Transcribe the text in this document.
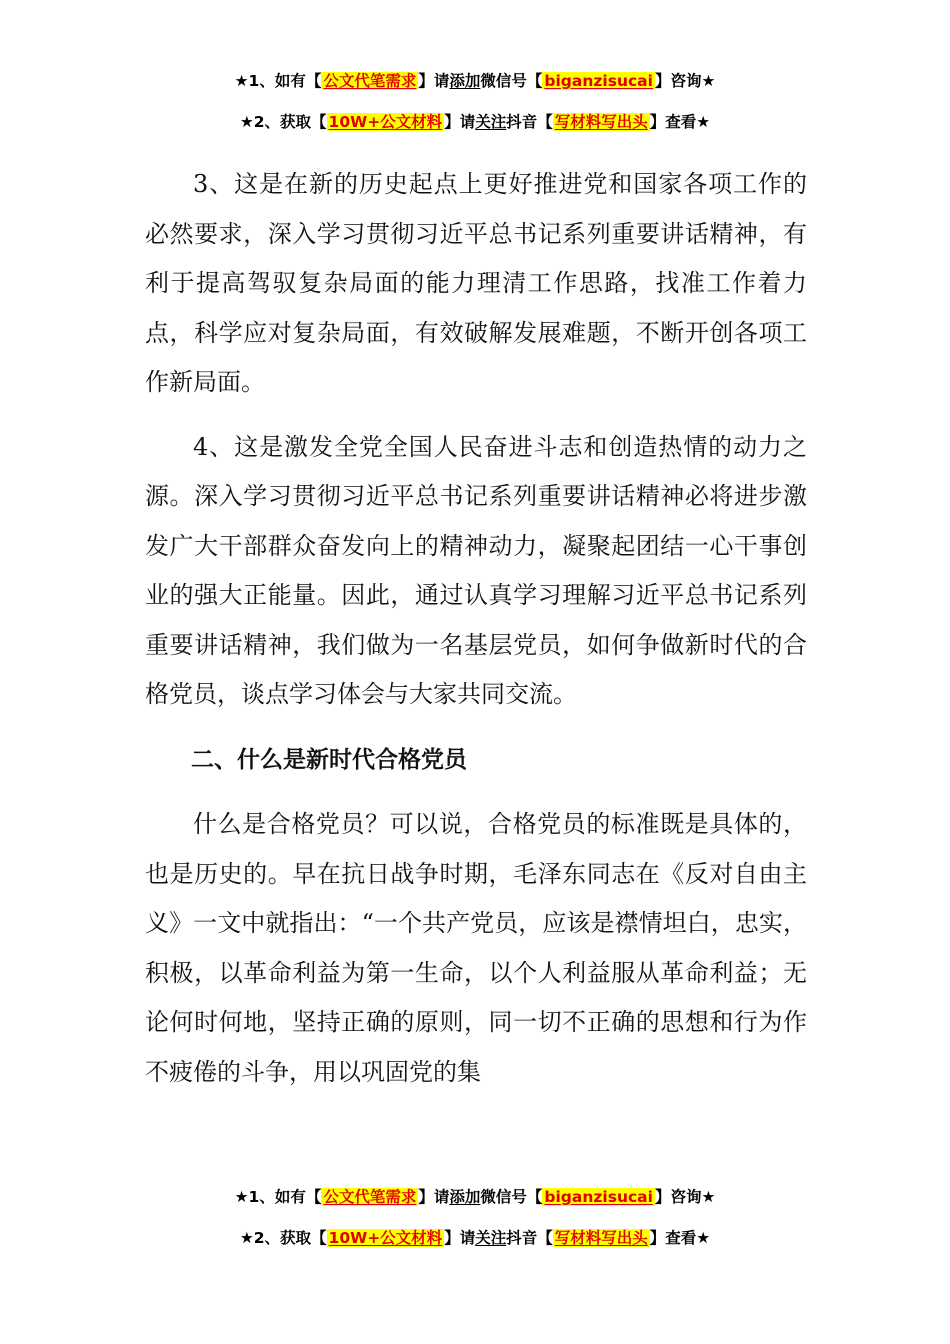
★1、如有【 公文代笔需求 】请添加微信号【 biganzisucai 】咨询★
★2、获取【 10W+公文材料 】请关注抖音【 写材料写出头 】查看★

3、这是在新的历史起点上更好推进党和国家各项工作的必然要求，深入学习贯彻习近平总书记系列重要讲话精神，有利于提高驾驭复杂局面的能力理清工作思路，找准工作着力点，科学应对复杂局面，有效破解发展难题，不断开创各项工作新局面。

4、这是激发全党全国人民奋进斗志和创造热情的动力之源。深入学习贯彻习近平总书记系列重要讲话精神必将进步激发广大干部群众奋发向上的精神动力，凝聚起团结一心干事创业的强大正能量。因此，通过认真学习理解习近平总书记系列重要讲话精神，我们做为一名基层党员，如何争做新时代的合格党员，谈点学习体会与大家共同交流。

二、什么是新时代合格党员

什么是合格党员？可以说，合格党员的标准既是具体的，也是历史的。早在抗日战争时期，毛泽东同志在《反对自由主义》一文中就指出：“一个共产党员，应该是襟情坦白，忠实，积极，以革命利益为第一生命，以个人利益服从革命利益；无论何时何地，坚持正确的原则，同一切不正确的思想和行为作不疲倦的斗争，用以巩固党的集

★1、如有【 公文代笔需求 】请添加微信号【 biganzisucai 】咨询★
★2、获取【 10W+公文材料 】请关注抖音【 写材料写出头 】查看★
